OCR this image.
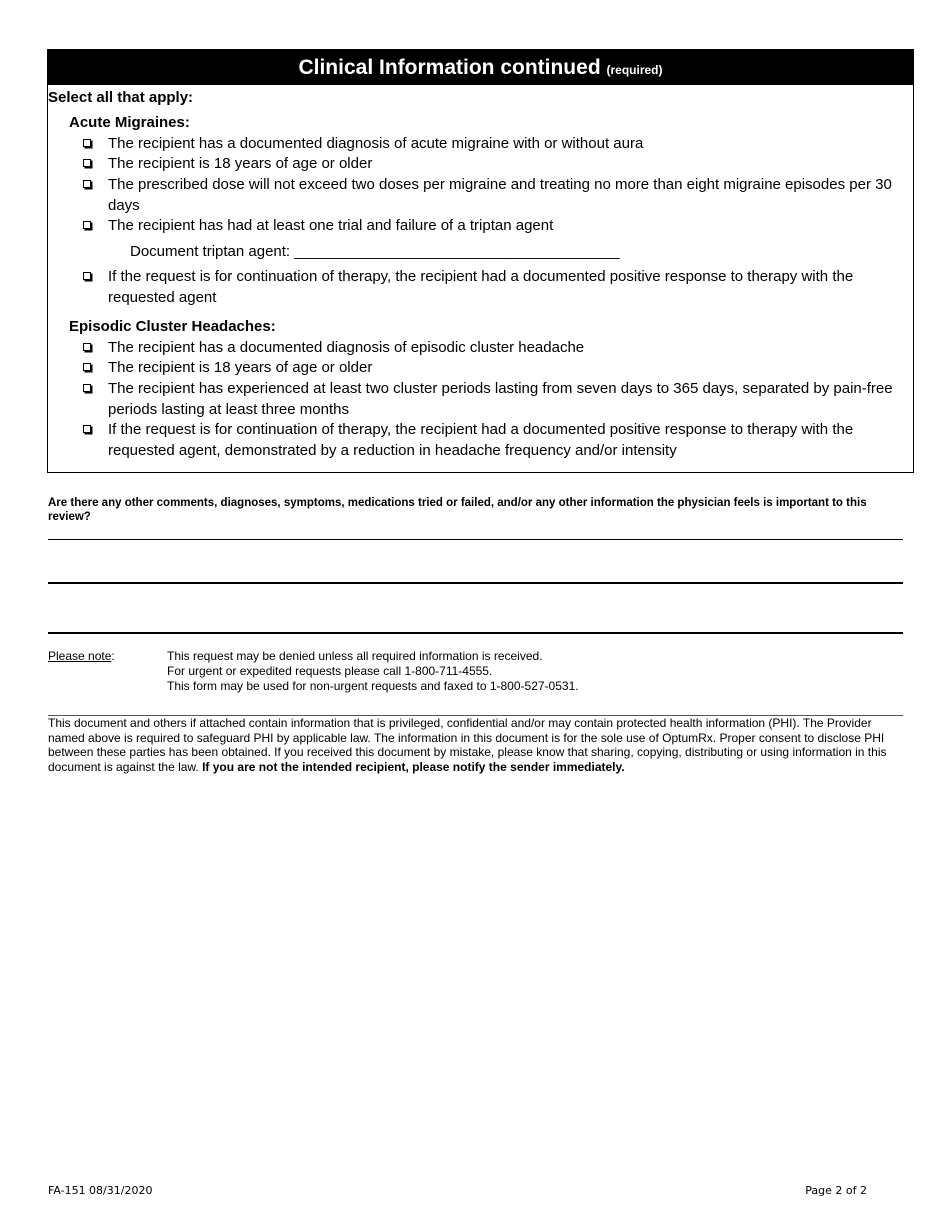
Clinical Information continued (required)
Select all that apply:
Acute Migraines:
The recipient has a documented diagnosis of acute migraine with or without aura
The recipient is 18 years of age or older
The prescribed dose will not exceed two doses per migraine and treating no more than eight migraine episodes per 30 days
The recipient has had at least one trial and failure of a triptan agent
Document triptan agent: _______________________________________
If the request is for continuation of therapy, the recipient had a documented positive response to therapy with the requested agent
Episodic Cluster Headaches:
The recipient has a documented diagnosis of episodic cluster headache
The recipient is 18 years of age or older
The recipient has experienced at least two cluster periods lasting from seven days to 365 days, separated by pain-free periods lasting at least three months
If the request is for continuation of therapy, the recipient had a documented positive response to therapy with the requested agent, demonstrated by a reduction in headache frequency and/or intensity
Are there any other comments, diagnoses, symptoms, medications tried or failed, and/or any other information the physician feels is important to this review?
Please note:	This request may be denied unless all required information is received.
For urgent or expedited requests please call 1-800-711-4555.
This form may be used for non-urgent requests and faxed to 1-800-527-0531.
This document and others if attached contain information that is privileged, confidential and/or may contain protected health information (PHI). The Provider named above is required to safeguard PHI by applicable law. The information in this document is for the sole use of OptumRx. Proper consent to disclose PHI between these parties has been obtained. If you received this document by mistake, please know that sharing, copying, distributing or using information in this document is against the law. If you are not the intended recipient, please notify the sender immediately.
FA-151 08/31/2020	Page 2 of 2
